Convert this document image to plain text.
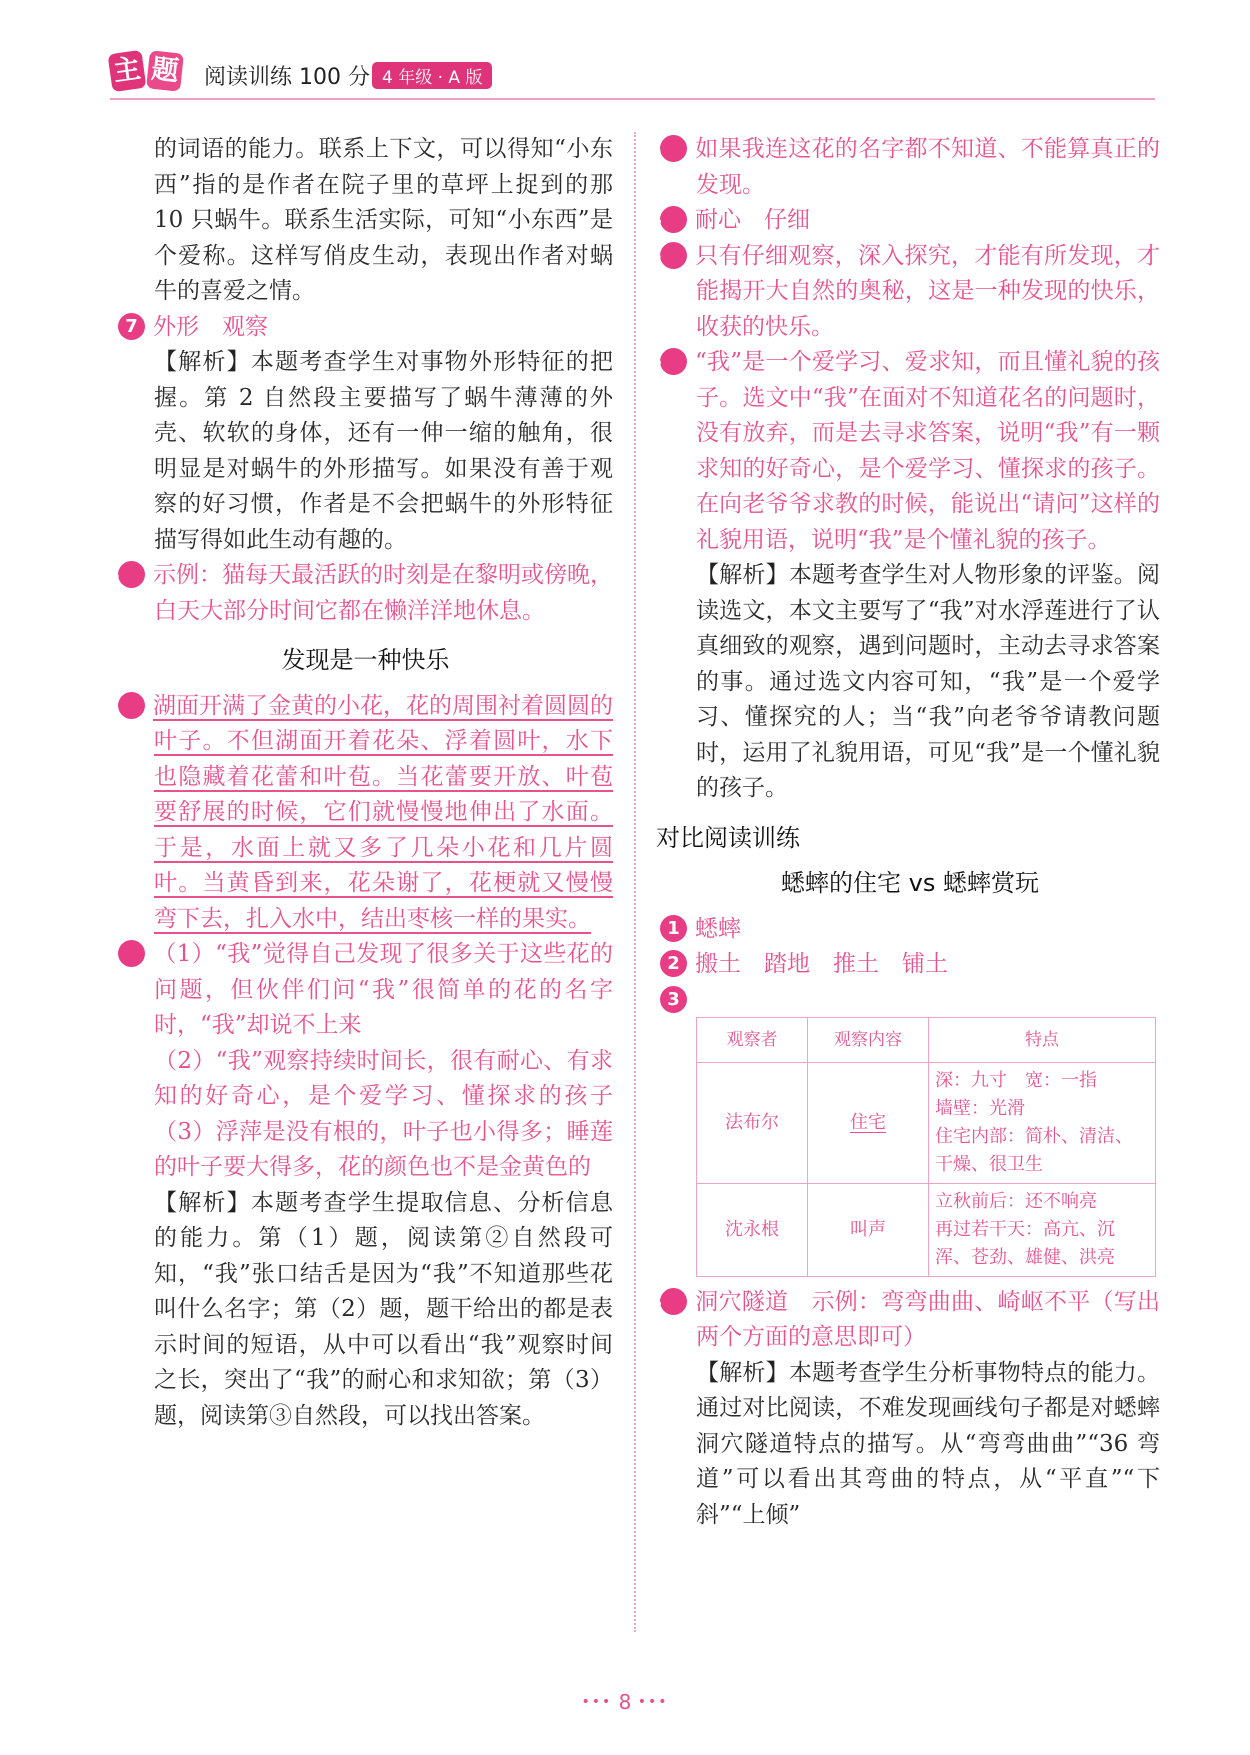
主 题 阅读训练 100 分 4 年级 · A 版

的词语的能力。联系上下文，可以得知“小东西”指的是作者在院子里的草坪上捉到的那 10 只蜗牛。联系生活实际，可知“小东西”是个爱称。这样写俏皮生动，表现出作者对蜗牛的喜爱之情。

7 外形　观察

【解析】本题考查学生对事物外形特征的把握。第 2 自然段主要描写了蜗牛薄薄的外壳、软软的身体，还有一伸一缩的触角，很明显是对蜗牛的外形描写。如果没有善于观察的好习惯，作者是不会把蜗牛的外形特征描写得如此生动有趣的。

8 示例：猫每天最活跃的时刻是在黎明或傍晚，白天大部分时间它都在懒洋洋地休息。

发现是一种快乐

1 湖面开满了金黄的小花，花的周围衬着圆圆的叶子。不但湖面开着花朵、浮着圆叶，水下也隐藏着花蕾和叶苞。当花蕾要开放、叶苞要舒展的时候，它们就慢慢地伸出了水面。于是，水面上就又多了几朵小花和几片圆叶。当黄昏到来，花朵谢了，花梗就又慢慢弯下去，扎入水中，结出枣核一样的果实。

2 （1）“我”觉得自己发现了很多关于这些花的问题，但伙伴们问“我”很简单的花的名字时，“我”却说不上来

（2）“我”观察持续时间长，很有耐心、有求知的好奇心，是个爱学习、懂探求的孩子　（3）浮萍是没有根的，叶子也小得多；睡莲的叶子要大得多，花的颜色也不是金黄色的

【解析】本题考查学生提取信息、分析信息的能力。第（1）题，阅读第②自然段可知，“我”张口结舌是因为“我”不知道那些花叫什么名字；第（2）题，题干给出的都是表示时间的短语，从中可以看出“我”观察时间之长，突出了“我”的耐心和求知欲；第（3）题，阅读第③自然段，可以找出答案。

3 如果我连这花的名字都不知道、不能算真正的发现。

4 耐心　仔细

5 只有仔细观察，深入探究，才能有所发现，才能揭开大自然的奥秘，这是一种发现的快乐，收获的快乐。

6 “我”是一个爱学习、爱求知，而且懂礼貌的孩子。选文中“我”在面对不知道花名的问题时，没有放弃，而是去寻求答案，说明“我”有一颗求知的好奇心，是个爱学习、懂探求的孩子。在向老爷爷求教的时候，能说出“请问”这样的礼貌用语，说明“我”是个懂礼貌的孩子。

【解析】本题考查学生对人物形象的评鉴。阅读选文，本文主要写了“我”对水浮莲进行了认真细致的观察，遇到问题时，主动去寻求答案的事。通过选文内容可知，“我”是一个爱学习、懂探究的人；当“我”向老爷爷请教问题时，运用了礼貌用语，可见“我”是一个懂礼貌的孩子。

对比阅读训练
蟋蟀的住宅 vs 蟋蟀赏玩

1 蟋蟀

2 搬土　踏地　推土　铺土

3

观察者	观察内容	特点
法布尔	住宅	深：九寸　宽：一指
墙壁：光滑
住宅内部：简朴、清洁、干燥、很卫生

沈永根	叫声	立秋前后：还不响亮
再过若干天：高亢、沉浑、苍劲、雄健、洪亮

4 洞穴隧道　示例：弯弯曲曲、崎岖不平（写出两个方面的意思即可）

【解析】本题考查学生分析事物特点的能力。通过对比阅读，不难发现画线句子都是对蟋蟀洞穴隧道特点的描写。从“弯弯曲曲”“36 弯道”可以看出其弯曲的特点，从“平直”“下斜”“上倾”

••• 8 •••
